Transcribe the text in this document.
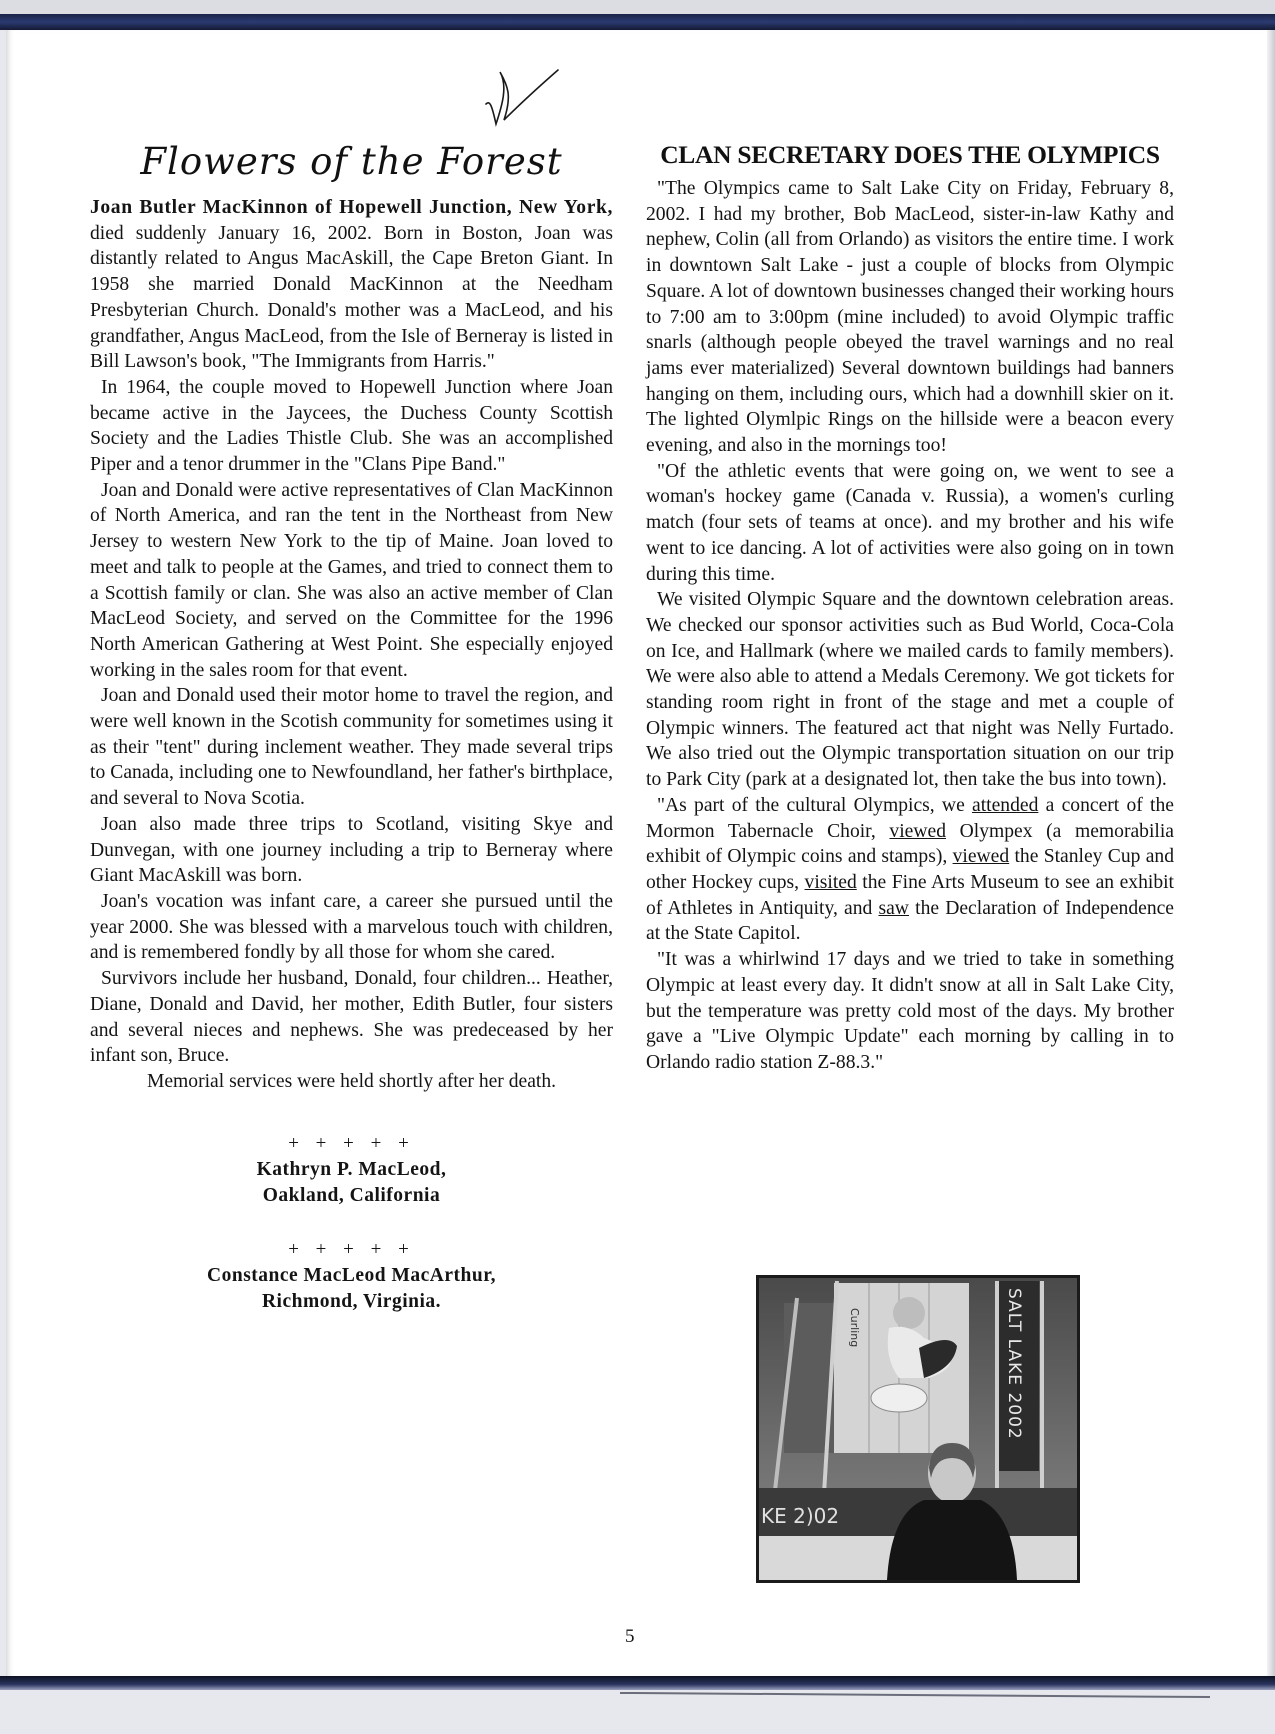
Flowers of the Forest

Joan Butler MacKinnon of Hopewell Junction, New York, died suddenly January 16, 2002. Born in Boston, Joan was distantly related to Angus MacAskill, the Cape Breton Giant. In 1958 she married Donald MacKinnon at the Needham Presbyterian Church. Donald's mother was a MacLeod, and his grandfather, Angus MacLeod, from the Isle of Berneray is listed in Bill Lawson's book, "The Immigrants from Harris."

In 1964, the couple moved to Hopewell Junction where Joan became active in the Jaycees, the Duchess County Scottish Society and the Ladies Thistle Club. She was an accomplished Piper and a tenor drummer in the "Clans Pipe Band."

Joan and Donald were active representatives of Clan MacKinnon of North America, and ran the tent in the Northeast from New Jersey to western New York to the tip of Maine. Joan loved to meet and talk to people at the Games, and tried to connect them to a Scottish family or clan. She was also an active member of Clan MacLeod Society, and served on the Committee for the 1996 North American Gathering at West Point. She especially enjoyed working in the sales room for that event.

Joan and Donald used their motor home to travel the region, and were well known in the Scotish community for sometimes using it as their "tent" during inclement weather. They made several trips to Canada, including one to Newfoundland, her father's birthplace, and several to Nova Scotia.

Joan also made three trips to Scotland, visiting Skye and Dunvegan, with one journey including a trip to Berneray where Giant MacAskill was born.

Joan's vocation was infant care, a career she pursued until the year 2000. She was blessed with a marvelous touch with children, and is remembered fondly by all those for whom she cared.

Survivors include her husband, Donald, four children... Heather, Diane, Donald and David, her mother, Edith Butler, four sisters and several nieces and nephews. She was predeceased by her infant son, Bruce.

Memorial services were held shortly after her death.

+ + + + +

Kathryn P. MacLeod,

Oakland, California

+ + + + +

Constance MacLeod MacArthur,

Richmond, Virginia.

CLAN SECRETARY DOES THE OLYMPICS

"The Olympics came to Salt Lake City on Friday, February 8, 2002. I had my brother, Bob MacLeod, sister-in-law Kathy and nephew, Colin (all from Orlando) as visitors the entire time. I work in downtown Salt Lake - just a couple of blocks from Olympic Square. A lot of downtown businesses changed their working hours to 7:00 am to 3:00pm (mine included) to avoid Olympic traffic snarls (although people obeyed the travel warnings and no real jams ever materialized) Several downtown buildings had banners hanging on them, including ours, which had a downhill skier on it. The lighted Olymlpic Rings on the hillside were a beacon every evening, and also in the mornings too!

"Of the athletic events that were going on, we went to see a woman's hockey game (Canada v. Russia), a women's curling match (four sets of teams at once). and my brother and his wife went to ice dancing. A lot of activities were also going on in town during this time.

We visited Olympic Square and the downtown celebration areas. We checked our sponsor activities such as Bud World, Coca-Cola on Ice, and Hallmark (where we mailed cards to family members). We were also able to attend a Medals Ceremony. We got tickets for standing room right in front of the stage and met a couple of Olympic winners. The featured act that night was Nelly Furtado. We also tried out the Olympic transportation situation on our trip to Park City (park at a designated lot, then take the bus into town).

"As part of the cultural Olympics, we attended a concert of the Mormon Tabernacle Choir, viewed Olympex (a memorabilia exhibit of Olympic coins and stamps), viewed the Stanley Cup and other Hockey cups, visited the Fine Arts Museum to see an exhibit of Athletes in Antiquity, and saw the Declaration of Independence at the State Capitol.

"It was a whirlwind 17 days and we tried to take in something Olympic at least every day. It didn't snow at all in Salt Lake City, but the temperature was pretty cold most of the days. My brother gave a "Live Olympic Update" each morning by calling in to Orlando radio station Z-88.3."

Curling	SALT LAKE 2002
KE 2)02
5
